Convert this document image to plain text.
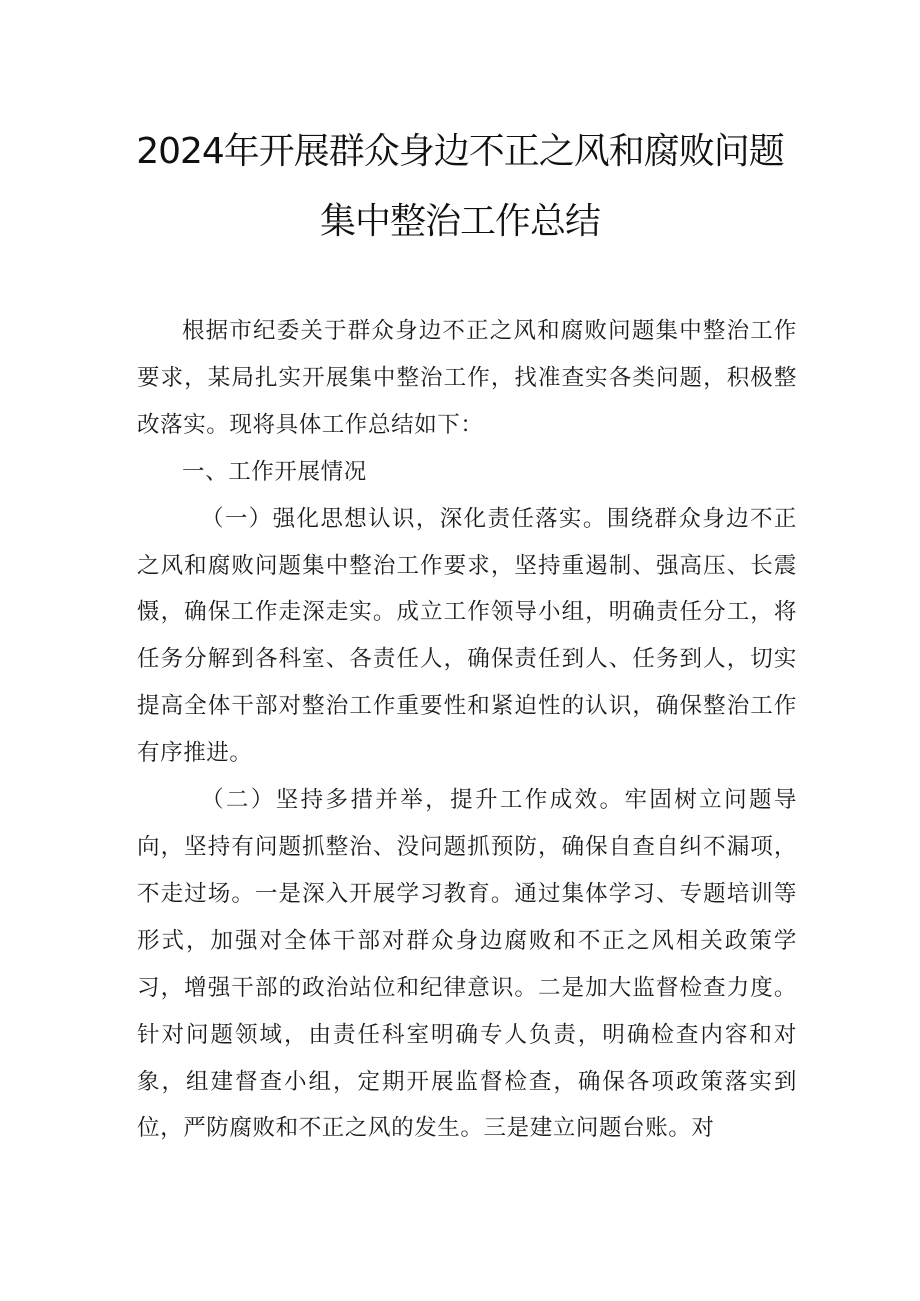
2024年开展群众身边不正之风和腐败问题
集中整治工作总结

根据市纪委关于群众身边不正之风和腐败问题集中整治工作要求，某局扎实开展集中整治工作，找准查实各类问题，积极整改落实。现将具体工作总结如下：

一、工作开展情况

（一）强化思想认识，深化责任落实。围绕群众身边不正之风和腐败问题集中整治工作要求，坚持重遏制、强高压、长震慑，确保工作走深走实。成立工作领导小组，明确责任分工，将任务分解到各科室、各责任人，确保责任到人、任务到人，切实提高全体干部对整治工作重要性和紧迫性的认识，确保整治工作有序推进。

（二）坚持多措并举，提升工作成效。牢固树立问题导向，坚持有问题抓整治、没问题抓预防，确保自查自纠不漏项，不走过场。一是深入开展学习教育。通过集体学习、专题培训等形式，加强对全体干部对群众身边腐败和不正之风相关政策学习，增强干部的政治站位和纪律意识。二是加大监督检查力度。针对问题领域，由责任科室明确专人负责，明确检查内容和对象，组建督查小组，定期开展监督检查，确保各项政策落实到位，严防腐败和不正之风的发生。三是建立问题台账。对
